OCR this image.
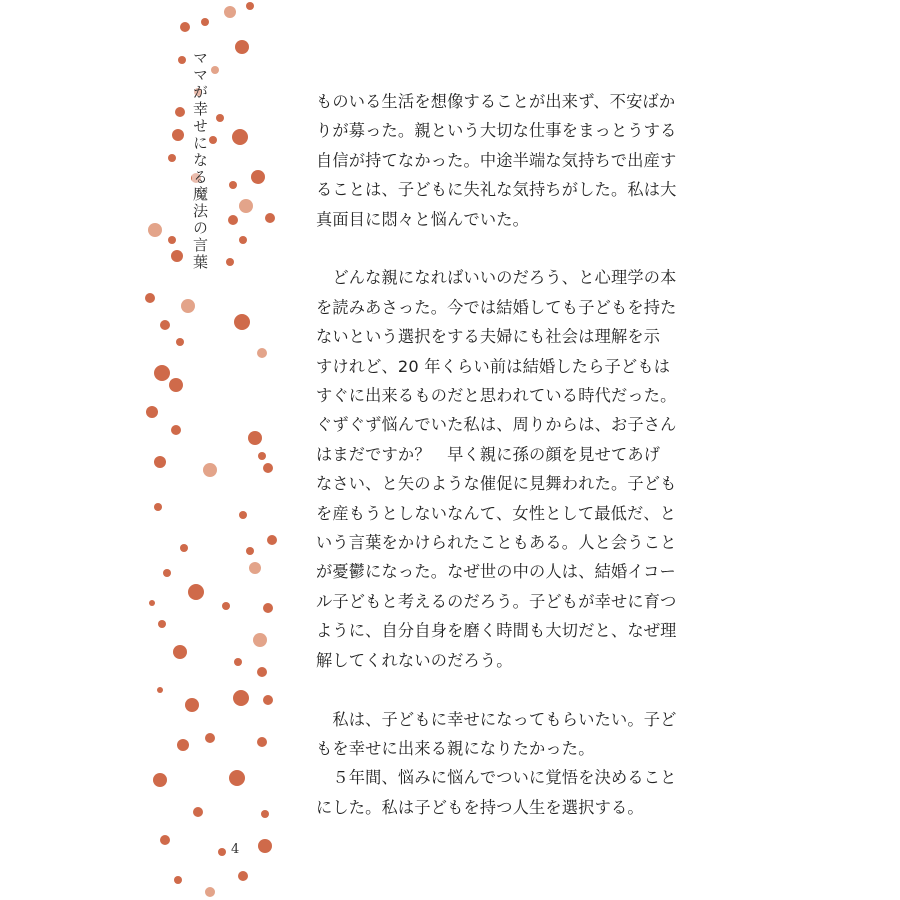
ママが幸せになる魔法の言葉
4

ものいる生活を想像することが出来ず、不安ばか

りが募った。親という大切な仕事をまっとうする

自信が持てなかった。中途半端な気持ちで出産す

ることは、子どもに失礼な気持ちがした。私は大

真面目に悶々と悩んでいた。

　どんな親になればいいのだろう、と心理学の本

を読みあさった。今では結婚しても子どもを持た

ないという選択をする夫婦にも社会は理解を示

すけれど、20 年くらい前は結婚したら子どもは

すぐに出来るものだと思われている時代だった。

ぐずぐず悩んでいた私は、周りからは、お子さん

はまだですか？　早く親に孫の顔を見せてあげ

なさい、と矢のような催促に見舞われた。子ども

を産もうとしないなんて、女性として最低だ、と

いう言葉をかけられたこともある。人と会うこと

が憂鬱になった。なぜ世の中の人は、結婚イコー

ル子どもと考えるのだろう。子どもが幸せに育つ

ように、自分自身を磨く時間も大切だと、なぜ理

解してくれないのだろう。

　私は、子どもに幸せになってもらいたい。子ど

もを幸せに出来る親になりたかった。

　５年間、悩みに悩んでついに覚悟を決めること

にした。私は子どもを持つ人生を選択する。
